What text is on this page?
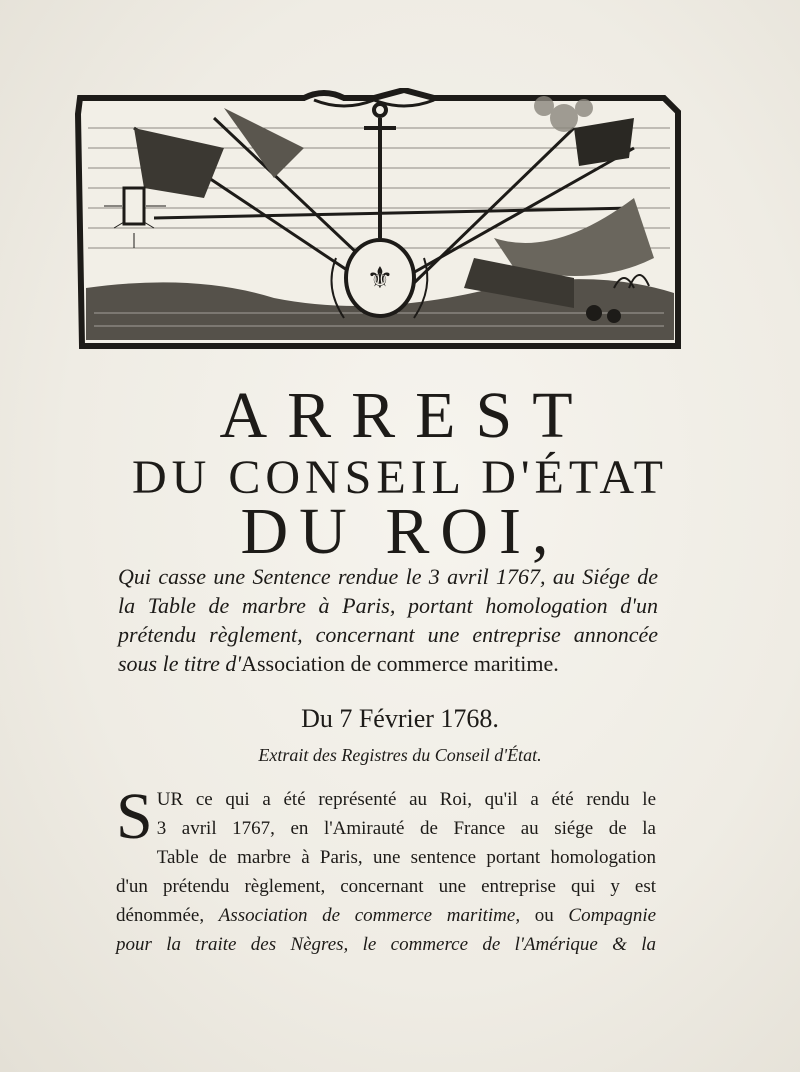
⚜
ARREST
DU CONSEIL D'ÉTAT
DU ROI,
Qui casse une Sentence rendue le 3 avril 1767, au Siége de la Table de marbre à Paris, portant homologation d'un prétendu règlement, concernant une entreprise annoncée sous le titre d'Association de commerce maritime.
Du 7 Février 1768.
Extrait des Registres du Conseil d'État.
S UR ce qui a été représenté au Roi, qu'il a été rendu le
3 avril 1767, en l'Amirauté de France au siége de la
Table de marbre à Paris, une sentence portant homologation
d'un prétendu règlement, concernant une entreprise qui y est
dénommée, Association de commerce maritime, ou Compagnie
pour la traite des Nègres, le commerce de l'Amérique & la
